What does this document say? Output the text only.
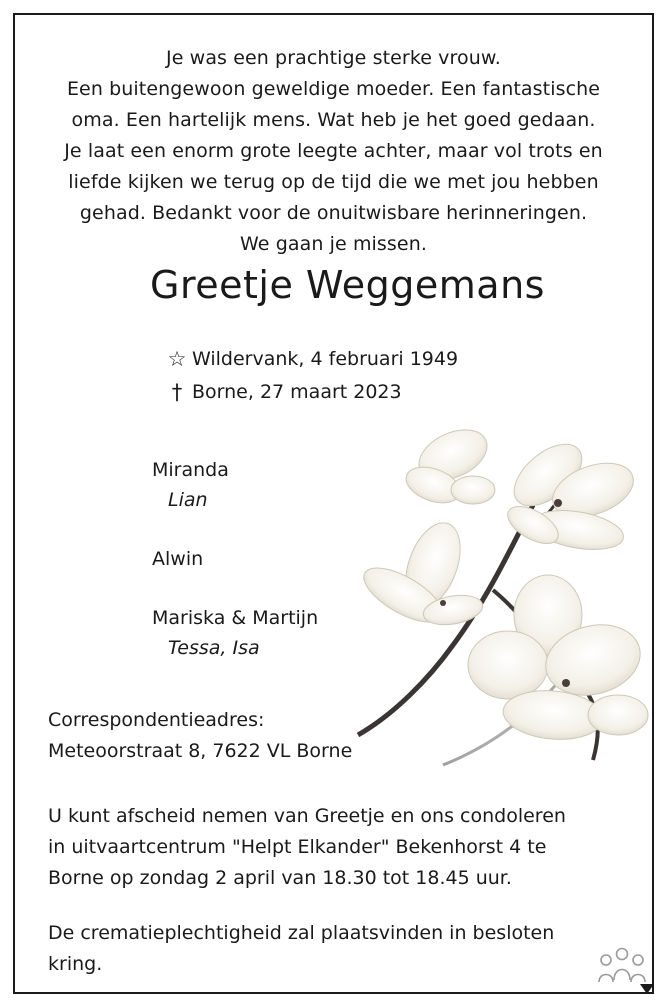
Je was een prachtige sterke vrouw.
Een buitengewoon geweldige moeder. Een fantastische
oma. Een hartelijk mens. Wat heb je het goed gedaan.
Je laat een enorm grote leegte achter, maar vol trots en
liefde kijken we terug op de tijd die we met jou hebben
gehad. Bedankt voor de onuitwisbare herinneringen.
We gaan je missen.
Greetje Weggemans
☆ Wildervank, 4 februari 1949
† Borne, 27 maart 2023
Miranda
Lian
Alwin
Mariska & Martijn
Tessa, Isa
Correspondentieadres:
Meteoorstraat 8, 7622 VL Borne
U kunt afscheid nemen van Greetje en ons condoleren
in uitvaartcentrum "Helpt Elkander" Bekenhorst 4 te
Borne op zondag 2 april van 18.30 tot 18.45 uur.
De crematieplechtigheid zal plaatsvinden in besloten
kring.
